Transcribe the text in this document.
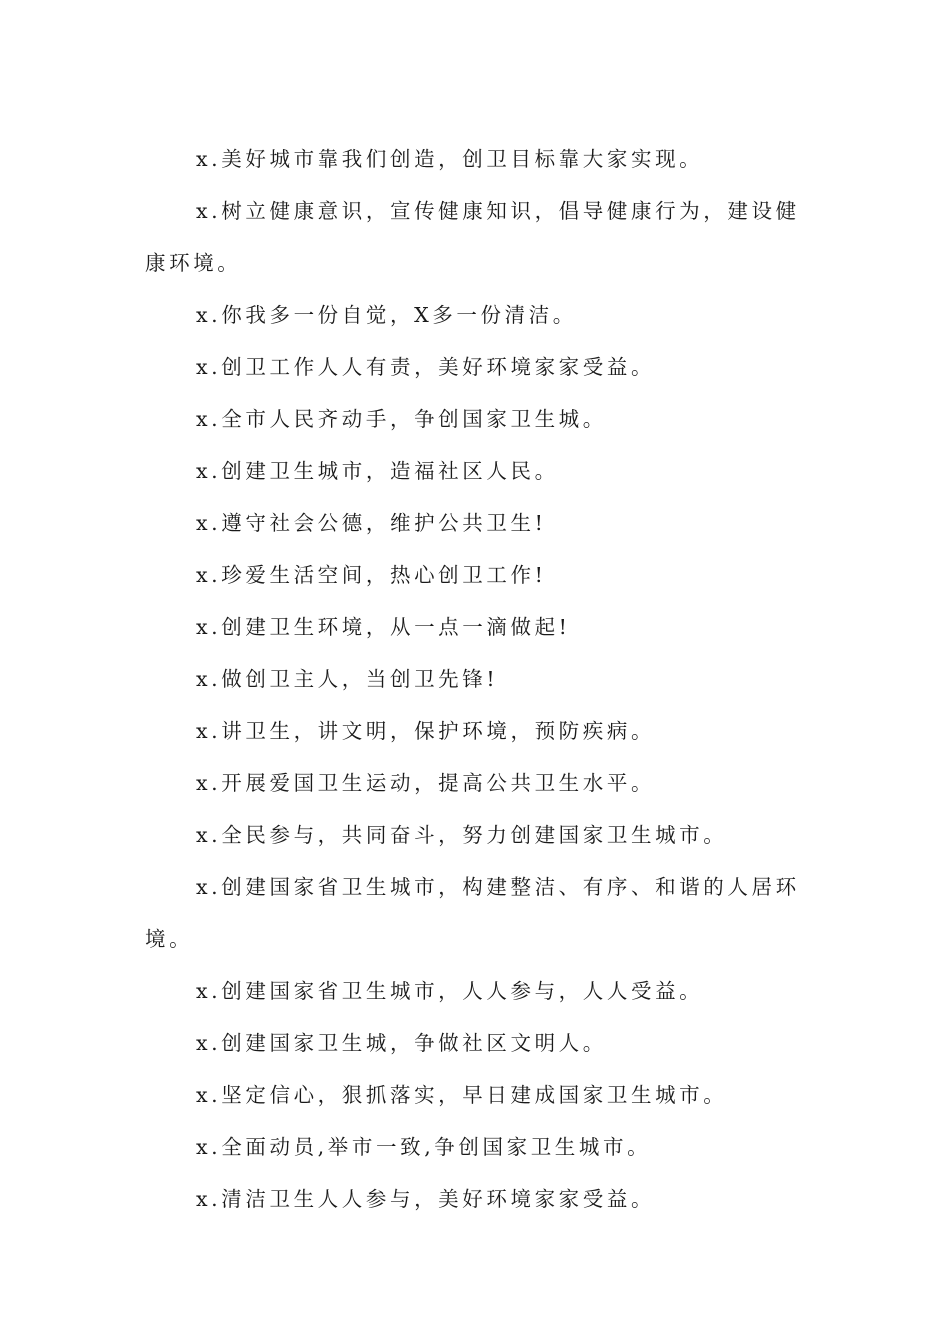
x.美好城市靠我们创造，创卫目标靠大家实现。

x.树立健康意识，宣传健康知识，倡导健康行为，建设健康环境。

x.你我多一份自觉，X多一份清洁。

x.创卫工作人人有责，美好环境家家受益。

x.全市人民齐动手，争创国家卫生城。

x.创建卫生城市，造福社区人民。

x.遵守社会公德，维护公共卫生!

x.珍爱生活空间，热心创卫工作!

x.创建卫生环境，从一点一滴做起!

x.做创卫主人，当创卫先锋!

x.讲卫生，讲文明，保护环境，预防疾病。

x.开展爱国卫生运动，提高公共卫生水平。

x.全民参与，共同奋斗，努力创建国家卫生城市。

x.创建国家省卫生城市，构建整洁、有序、和谐的人居环境。

x.创建国家省卫生城市，人人参与，人人受益。

x.创建国家卫生城，争做社区文明人。

x.坚定信心，狠抓落实，早日建成国家卫生城市。

x.全面动员,举市一致,争创国家卫生城市。

x.清洁卫生人人参与，美好环境家家受益。
